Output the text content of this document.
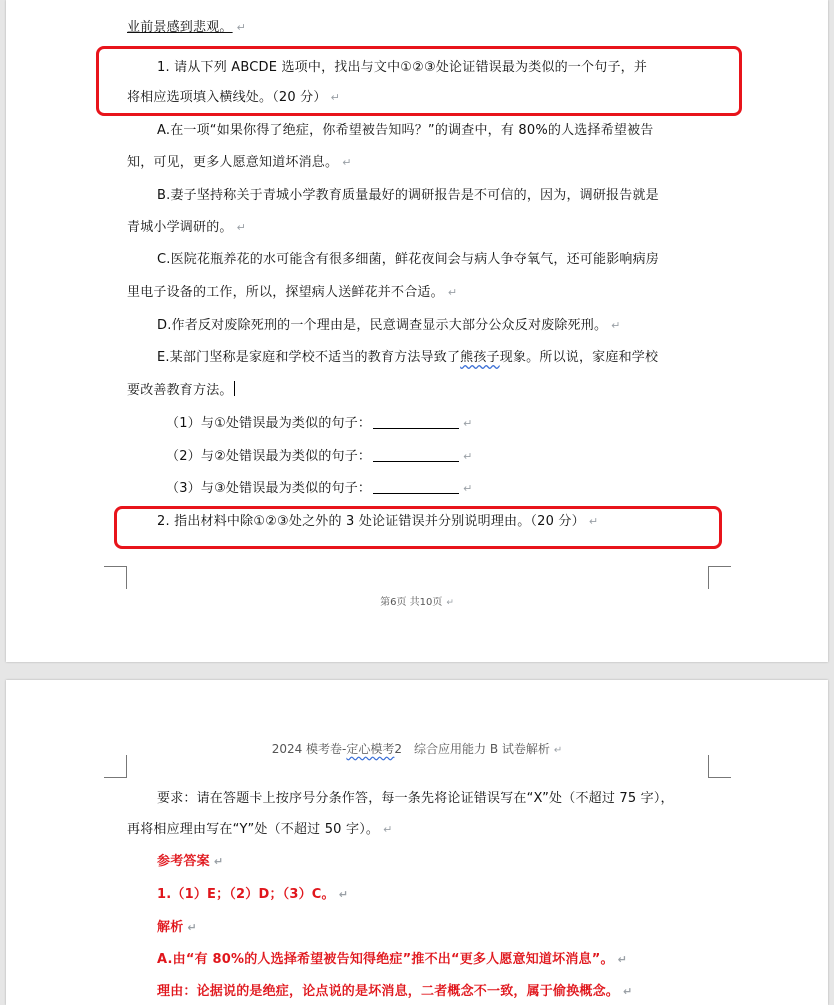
业前景感到悲观。 ↵
1. 请从下列 ABCDE 选项中，找出与文中①②③处论证错误最为类似的一个句子，并
将相应选项填入横线处。（20 分） ↵
A.在一项“如果你得了绝症，你希望被告知吗？”的调查中，有 80%的人选择希望被告
知，可见，更多人愿意知道坏消息。 ↵
B.妻子坚持称关于青城小学教育质量最好的调研报告是不可信的，因为，调研报告就是
青城小学调研的。 ↵
C.医院花瓶养花的水可能含有很多细菌，鲜花夜间会与病人争夺氧气，还可能影响病房
里电子设备的工作，所以，探望病人送鲜花并不合适。 ↵
D.作者反对废除死刑的一个理由是，民意调查显示大部分公众反对废除死刑。 ↵
E.某部门坚称是家庭和学校不适当的教育方法导致了熊孩子现象。所以说，家庭和学校
要改善教育方法。
（1）与①处错误最为类似的句子：	↵
（2）与②处错误最为类似的句子：	↵
（3）与③处错误最为类似的句子：	↵
2. 指出材料中除①②③处之外的 3 处论证错误并分别说明理由。（20 分） ↵
第6页 共10页 ↵
2024 模考卷-定心模考2　综合应用能力 B 试卷解析 ↵
要求：请在答题卡上按序号分条作答，每一条先将论证错误写在“X”处（不超过 75 字），
再将相应理由写在“Y”处（不超过 50 字）。 ↵
参考答案 ↵
1.（1）E；（2）D；（3）C。 ↵
解析 ↵
A.由“有 80%的人选择希望被告知得绝症”推不出“更多人愿意知道坏消息”。 ↵
理由：论据说的是绝症，论点说的是坏消息，二者概念不一致，属于偷换概念。 ↵
